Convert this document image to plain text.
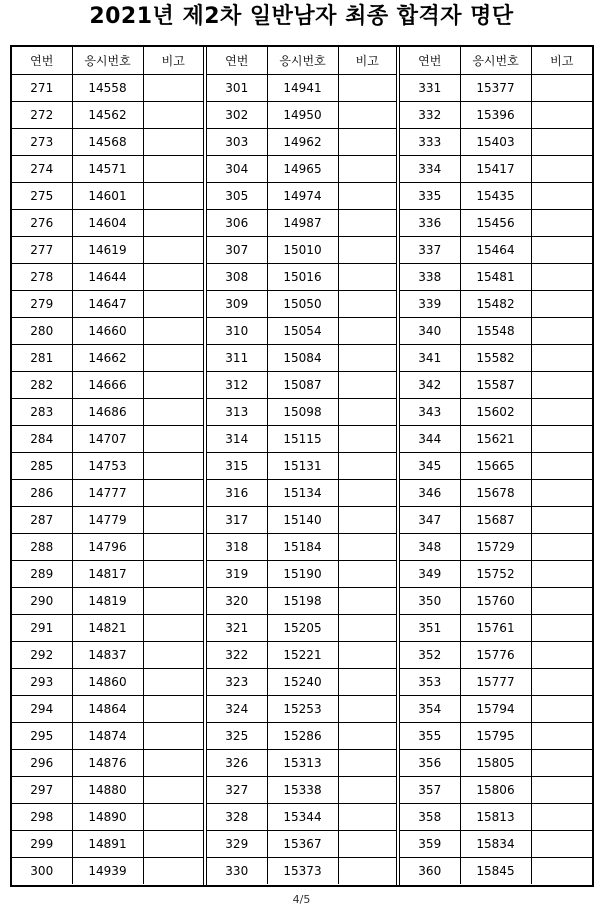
2021년 제2차 일반남자 최종 합격자 명단
연번	응시번호	비고
271	14558	
272	14562	
273	14568	
274	14571	
275	14601	
276	14604	
277	14619	
278	14644	
279	14647	
280	14660	
281	14662	
282	14666	
283	14686	
284	14707	
285	14753	
286	14777	
287	14779	
288	14796	
289	14817	
290	14819	
291	14821	
292	14837	
293	14860	
294	14864	
295	14874	
296	14876	
297	14880	
298	14890	
299	14891	
300	14939	
연번	응시번호	비고
301	14941	
302	14950	
303	14962	
304	14965	
305	14974	
306	14987	
307	15010	
308	15016	
309	15050	
310	15054	
311	15084	
312	15087	
313	15098	
314	15115	
315	15131	
316	15134	
317	15140	
318	15184	
319	15190	
320	15198	
321	15205	
322	15221	
323	15240	
324	15253	
325	15286	
326	15313	
327	15338	
328	15344	
329	15367	
330	15373	
연번	응시번호	비고
331	15377	
332	15396	
333	15403	
334	15417	
335	15435	
336	15456	
337	15464	
338	15481	
339	15482	
340	15548	
341	15582	
342	15587	
343	15602	
344	15621	
345	15665	
346	15678	
347	15687	
348	15729	
349	15752	
350	15760	
351	15761	
352	15776	
353	15777	
354	15794	
355	15795	
356	15805	
357	15806	
358	15813	
359	15834	
360	15845	
4/5
